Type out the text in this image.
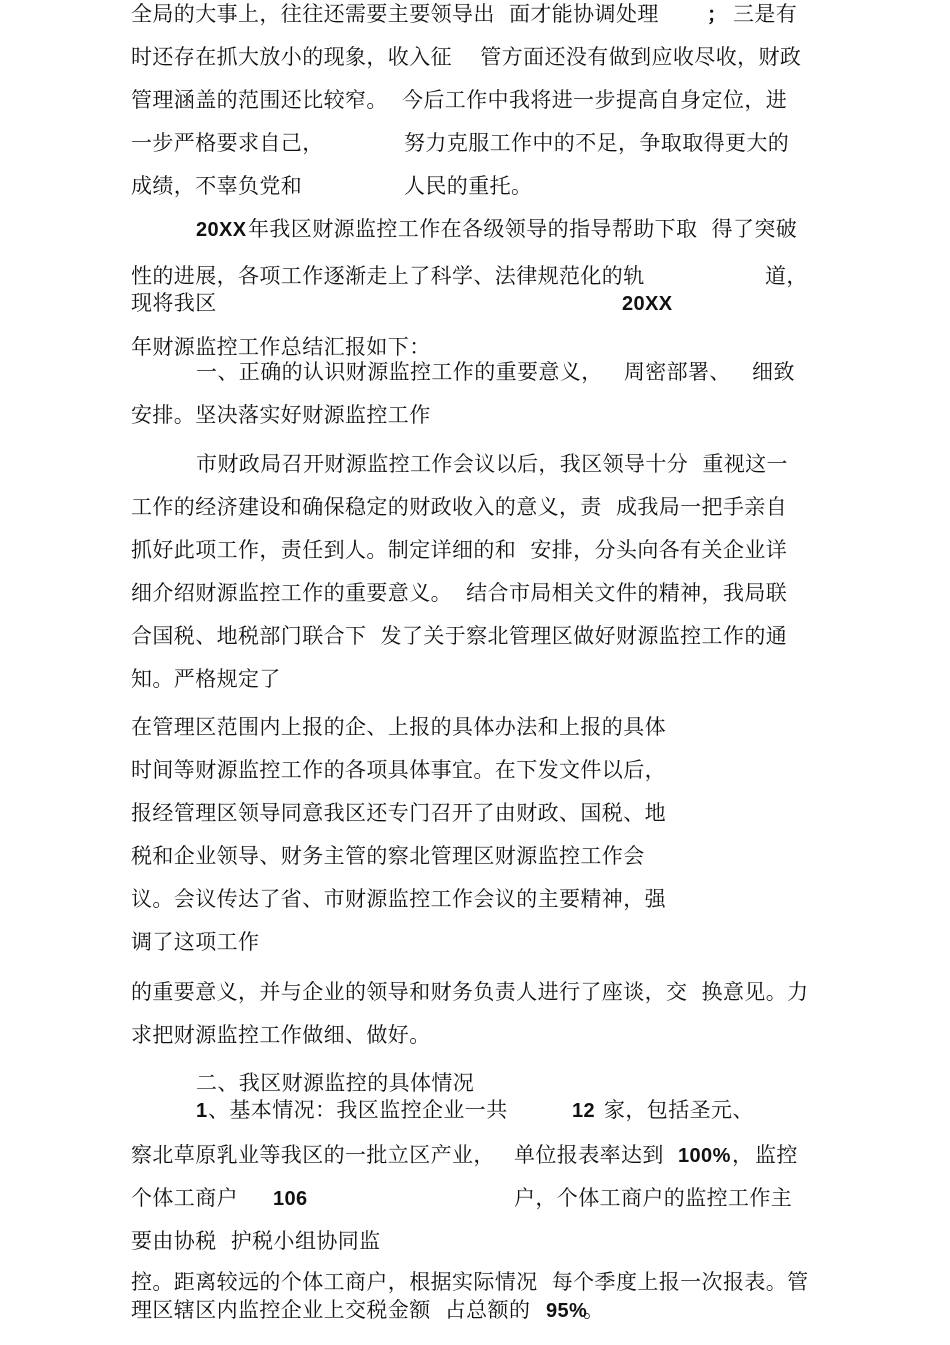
全局的大事上，往往还需要主要领导出  面才能协调处理 ； 三是有
时还存在抓大放小的现象，收入征    管方面还没有做到应收尽收，财政
管理涵盖的范围还比较窄。  今后工作中我将进一步提高自身定位，进
一步严格要求自己，	努力克服工作中的不足，争取取得更大的
成绩，不辜负党和	人民的重托。
20XX 年我区财源监控工作在各级领导的指导帮助下取  得了突破
性的进展，各项工作逐渐走上了科学、法律规范化的轨	道，
现将我区	20XX
年财源监控工作总结汇报如下：
一、正确的认识财源监控工作的重要意义，   周密部署、   细致
安排。坚决落实好财源监控工作
市财政局召开财源监控工作会议以后，我区领导十分  重视这一
工作的经济建设和确保稳定的财政收入的意义，责  成我局一把手亲自
抓好此项工作，责任到人。制定详细的和  安排，分头向各有关企业详
细介绍财源监控工作的重要意义。  结合市局相关文件的精神，我局联
合国税、地税部门联合下  发了关于察北管理区做好财源监控工作的通
知。严格规定了
在管理区范围内上报的企、上报的具体办法和上报的具体
时间等财源监控工作的各项具体事宜。在下发文件以后，
报经管理区领导同意我区还专门召开了由财政、国税、地
税和企业领导、财务主管的察北管理区财源监控工作会
议。会议传达了省、市财源监控工作会议的主要精神，强
调了这项工作
的重要意义，并与企业的领导和财务负责人进行了座谈，交  换意见。力
求把财源监控工作做细、做好。
二、我区财源监控的具体情况
1 、基本情况：我区监控企业一共	12 家，包括圣元、
察北草原乳业等我区的一批立区产业， 单位报表率达到 100% ， 监控
个体工商户 106	户，个体工商户的监控工作主
要由协税  护税小组协同监
控。距离较远的个体工商户，根据实际情况  每个季度上报一次报表。管
理区辖区内监控企业上交税金额  占总额的 95%
。
